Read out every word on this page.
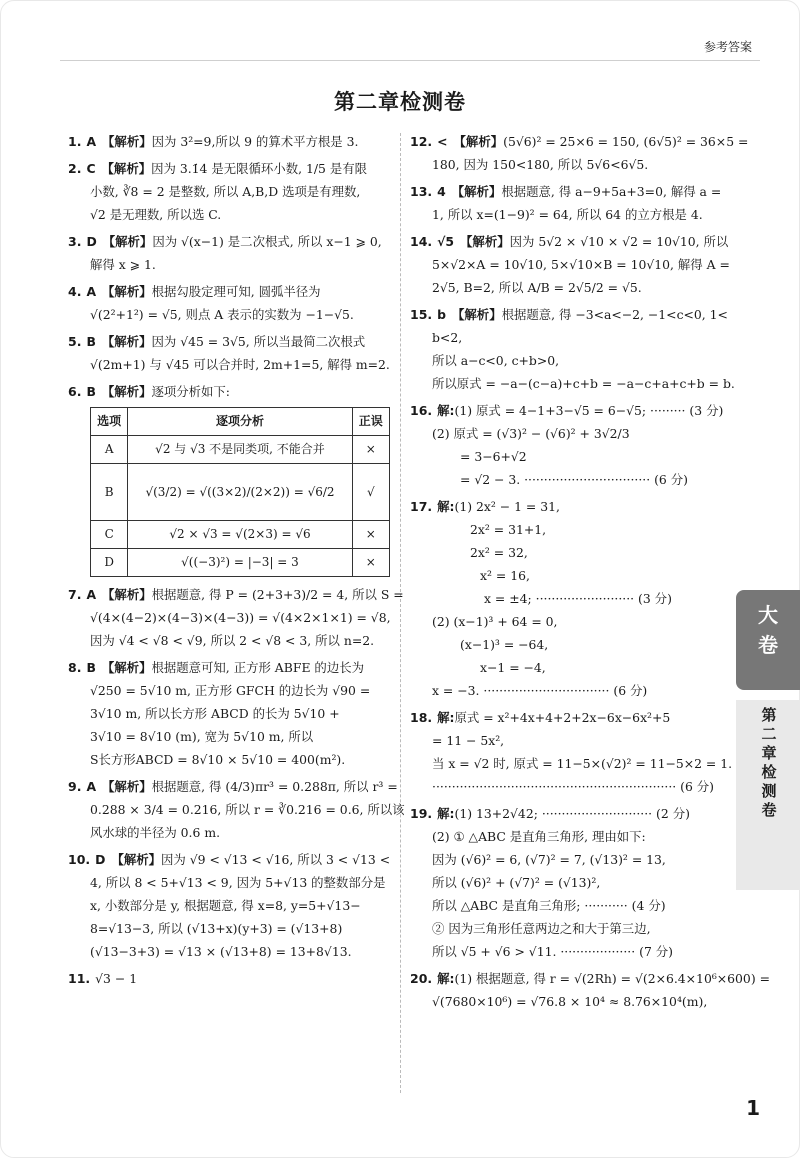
参考答案
第二章检测卷
1. A 【解析】因为 3²=9,所以 9 的算术平方根是 3.
2. C 【解析】因为 3.1̇4̇ 是无限循环小数, 1/5 是有限
小数, ∛8 = 2 是整数, 所以 A,B,D 选项是有理数,
√2 是无理数, 所以选 C.
3. D 【解析】因为 √(x−1) 是二次根式, 所以 x−1 ⩾ 0,
解得 x ⩾ 1.
4. A 【解析】根据勾股定理可知, 圆弧半径为
√(2²+1²) = √5, 则点 A 表示的实数为 −1−√5.
5. B 【解析】因为 √45 = 3√5, 所以当最简二次根式
√(2m+1) 与 √45 可以合并时, 2m+1=5, 解得 m=2.
6. B 【解析】逐项分析如下:
选项	逐项分析	正误
A	√2 与 √3 不是同类项, 不能合并	×
B	√(3/2) = √((3×2)/(2×2)) = √6/2	√
C	√2 × √3 = √(2×3) = √6	×
D	√((−3)²) = |−3| = 3	×
7. A 【解析】根据题意, 得 P = (2+3+3)/2 = 4, 所以 S =
√(4×(4−2)×(4−3)×(4−3)) = √(4×2×1×1) = √8,
因为 √4 < √8 < √9, 所以 2 < √8 < 3, 所以 n=2.
8. B 【解析】根据题意可知, 正方形 ABFE 的边长为
√250 = 5√10 m, 正方形 GFCH 的边长为 √90 =
3√10 m, 所以长方形 ABCD 的长为 5√10 +
3√10 = 8√10 (m), 宽为 5√10 m, 所以
S长方形ABCD = 8√10 × 5√10 = 400(m²).
9. A 【解析】根据题意, 得 (4/3)πr³ = 0.288π, 所以 r³ =
0.288 × 3/4 = 0.216, 所以 r = ∛0.216 = 0.6, 所以该
风水球的半径为 0.6 m.
10. D 【解析】因为 √9 < √13 < √16, 所以 3 < √13 <
4, 所以 8 < 5+√13 < 9, 因为 5+√13 的整数部分是
x, 小数部分是 y, 根据题意, 得 x=8, y=5+√13−
8=√13−3, 所以 (√13+x)(y+3) = (√13+8)
(√13−3+3) = √13 × (√13+8) = 13+8√13.
11. √3 − 1
12. < 【解析】(5√6)² = 25×6 = 150, (6√5)² = 36×5 =
180, 因为 150<180, 所以 5√6<6√5.
13. 4 【解析】根据题意, 得 a−9+5a+3=0, 解得 a =
1, 所以 x=(1−9)² = 64, 所以 64 的立方根是 4.
14. √5 【解析】因为 5√2 × √10 × √2 = 10√10, 所以
5×√2×A = 10√10, 5×√10×B = 10√10, 解得 A =
2√5, B=2, 所以 A/B = 2√5/2 = √5.
15. b 【解析】根据题意, 得 −3<a<−2, −1<c<0, 1<
b<2,
所以 a−c<0, c+b>0,
所以原式 = −a−(c−a)+c+b = −a−c+a+c+b = b.
16. 解:(1) 原式 = 4−1+3−√5 = 6−√5; ········· (3 分)
(2) 原式 = (√3)² − (√6)² + 3√2/3
= 3−6+√2
= √2 − 3. ································ (6 分)
17. 解:(1) 2x² − 1 = 31,
2x² = 31+1,
2x² = 32,
x² = 16,
x = ±4; ························· (3 分)
(2) (x−1)³ + 64 = 0,
(x−1)³ = −64,
x−1 = −4,
x = −3. ································ (6 分)
18. 解:原式 = x²+4x+4+2+2x−6x−6x²+5
= 11 − 5x²,
当 x = √2 时, 原式 = 11−5×(√2)² = 11−5×2 = 1.
······························································ (6 分)
19. 解:(1) 13+2√42; ···························· (2 分)
(2) ① △ABC 是直角三角形, 理由如下:
因为 (√6)² = 6, (√7)² = 7, (√13)² = 13,
所以 (√6)² + (√7)² = (√13)²,
所以 △ABC 是直角三角形; ··········· (4 分)
② 因为三角形任意两边之和大于第三边,
所以 √5 + √6 > √11. ··················· (7 分)
20. 解:(1) 根据题意, 得 r = √(2Rh) = √(2×6.4×10⁶×600) =
√(7680×10⁶) = √76.8 × 10⁴ ≈ 8.76×10⁴(m),
大
卷
第
二
章
检
测
卷
1
